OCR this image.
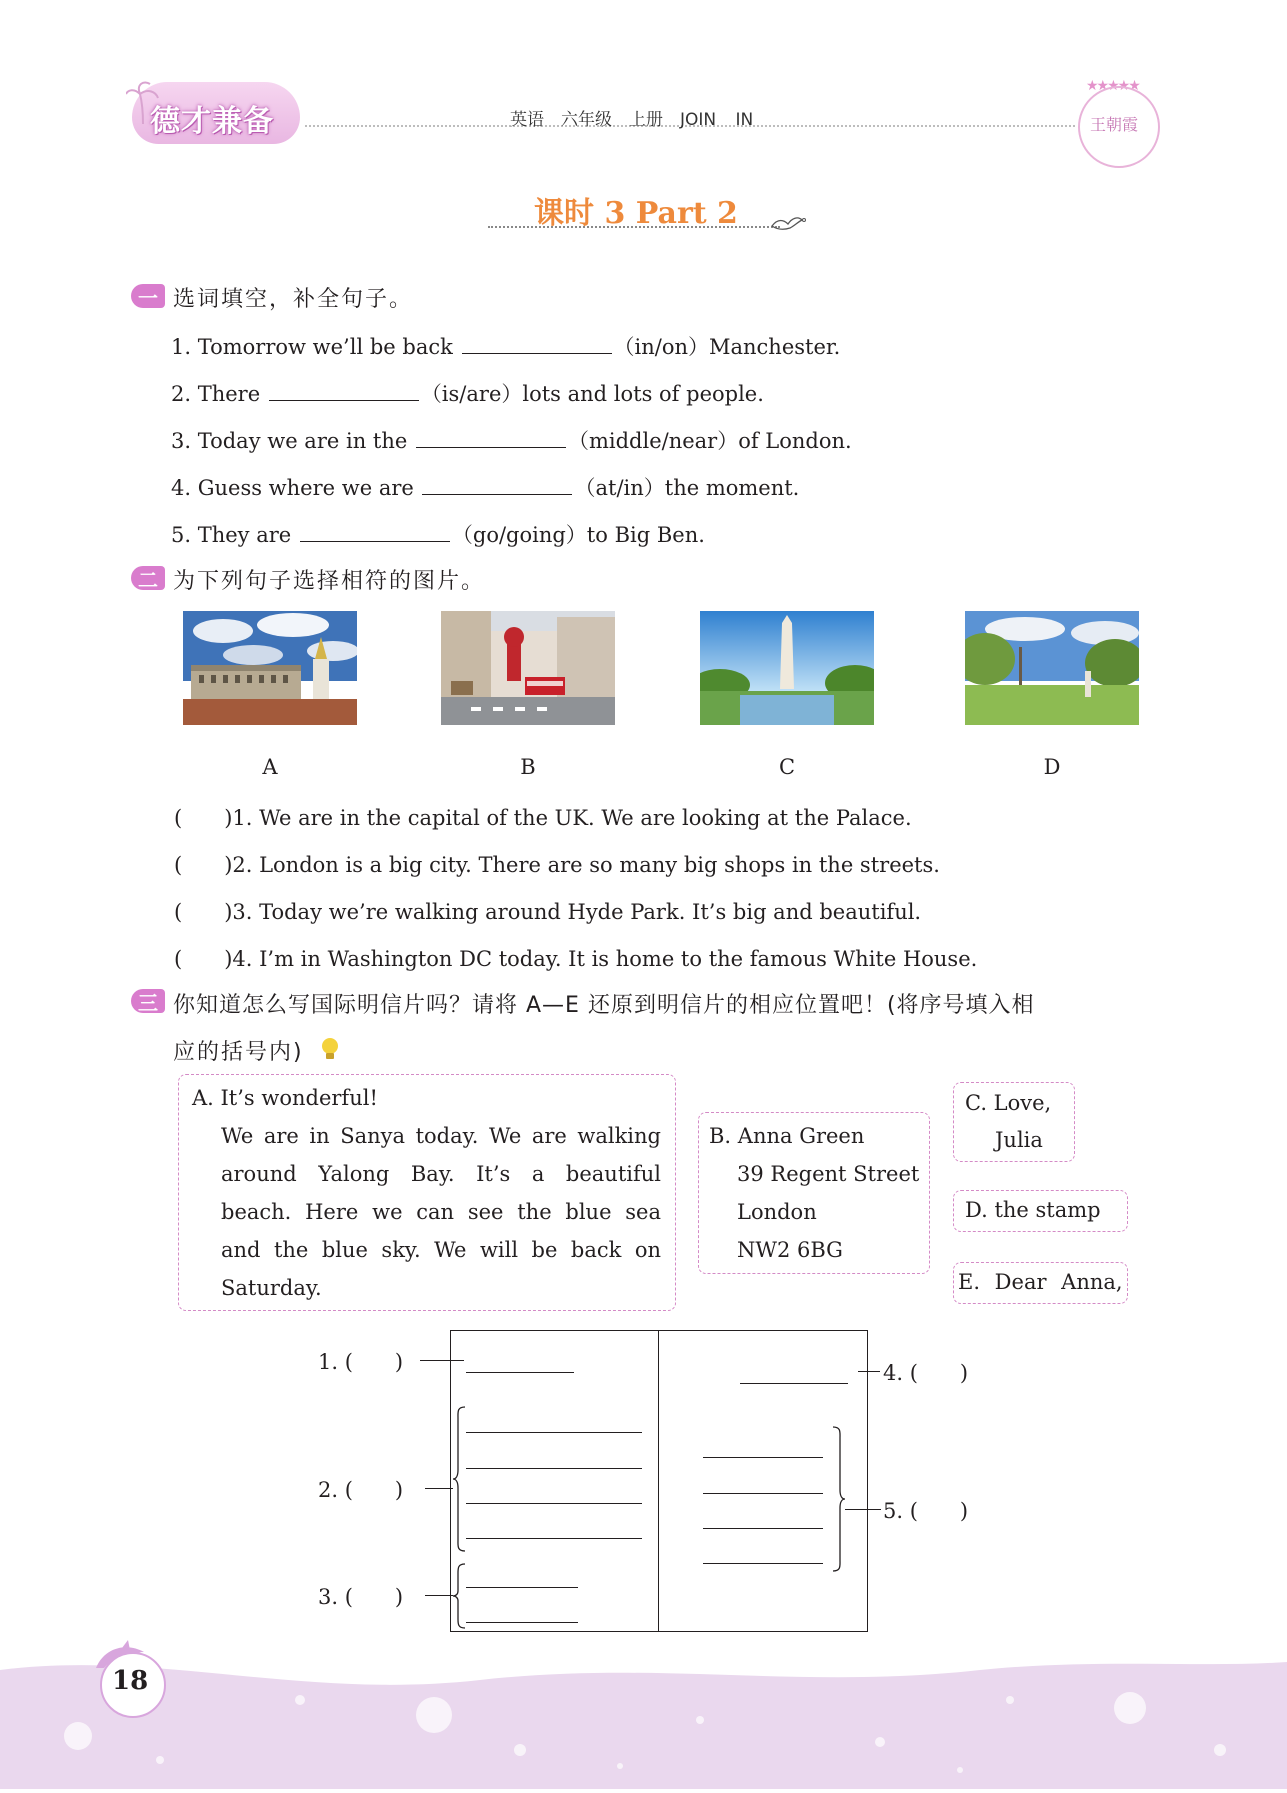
德才兼备	英语　六年级　上册　JOIN IN
★★★★★
王朝霞
课时 3 Part 2
一 选词填空，补全句子。
1. Tomorrow we’ll be back	（in/on）Manchester.
2. There	（is/are）lots and lots of people.
3. Today we are in the	（middle/near）of London.
4. Guess where we are	（at/in）the moment.
5. They are	（go/going）to Big Ben.
二 为下列句子选择相符的图片。
A	B	C	D
(　　)1. We are in the capital of the UK. We are looking at the Palace.
(　　)2. London is a big city. There are so many big shops in the streets.
(　　)3. Today we’re walking around Hyde Park. It’s big and beautiful.
(　　)4. I’m in Washington DC today. It is home to the famous White House.
三 你知道怎么写国际明信片吗？请将 A—E 还原到明信片的相应位置吧！(将序号填入相
应的括号内)
A. It’s wonderful!
We are in Sanya today. We are walking
around Yalong Bay. It’s a beautiful
beach. Here we can see the blue sea
and the blue sky. We will be back on
Saturday.
B. Anna Green
39 Regent Street
London
NW2 6BG
C. Love,
Julia
D. the stamp
E. Dear Anna,
1. (　　)
2. (　　)
3. (　　)
4. (　　)
5. (　　)
18
